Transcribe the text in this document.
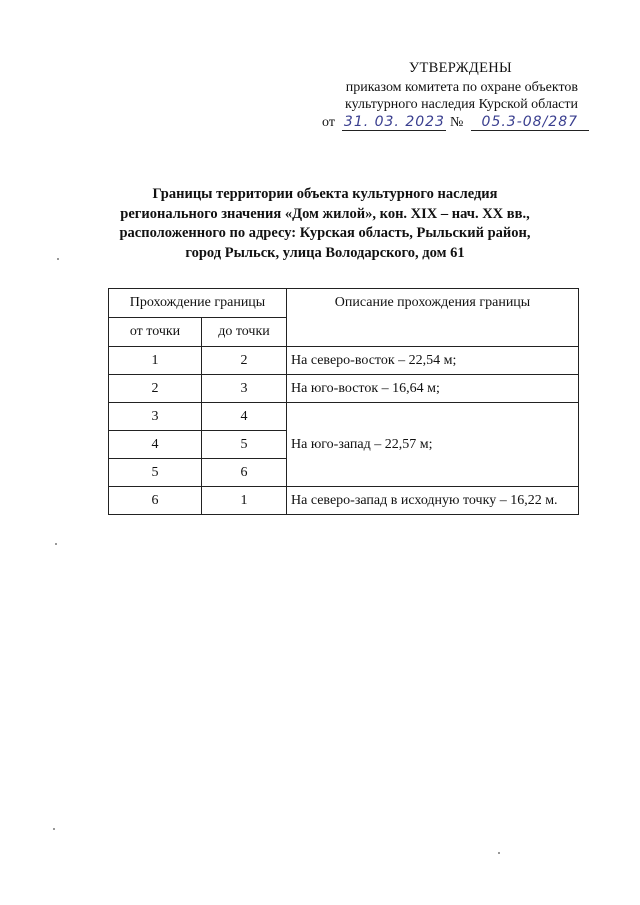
УТВЕРЖДЕНЫ
приказом комитета по охране объектов
культурного наследия Курской области
от 31. 03. 2023 № 05.3-08/287
Границы территории объекта культурного наследия
регионального значения «Дом жилой», кон. XIX – нач. XX вв.,
расположенного по адресу: Курская область, Рыльский район,
город Рыльск, улица Володарского, дом 61
Прохождение границы		Описание прохождения границы
от точки	до точки	
1	2	На северо-восток – 22,54 м;
2	3	На юго-восток – 16,64 м;
3	4	На юго-запад – 22,57 м;
4	5	
5	6	
6	1	На северо-запад в исходную точку – 16,22 м.
